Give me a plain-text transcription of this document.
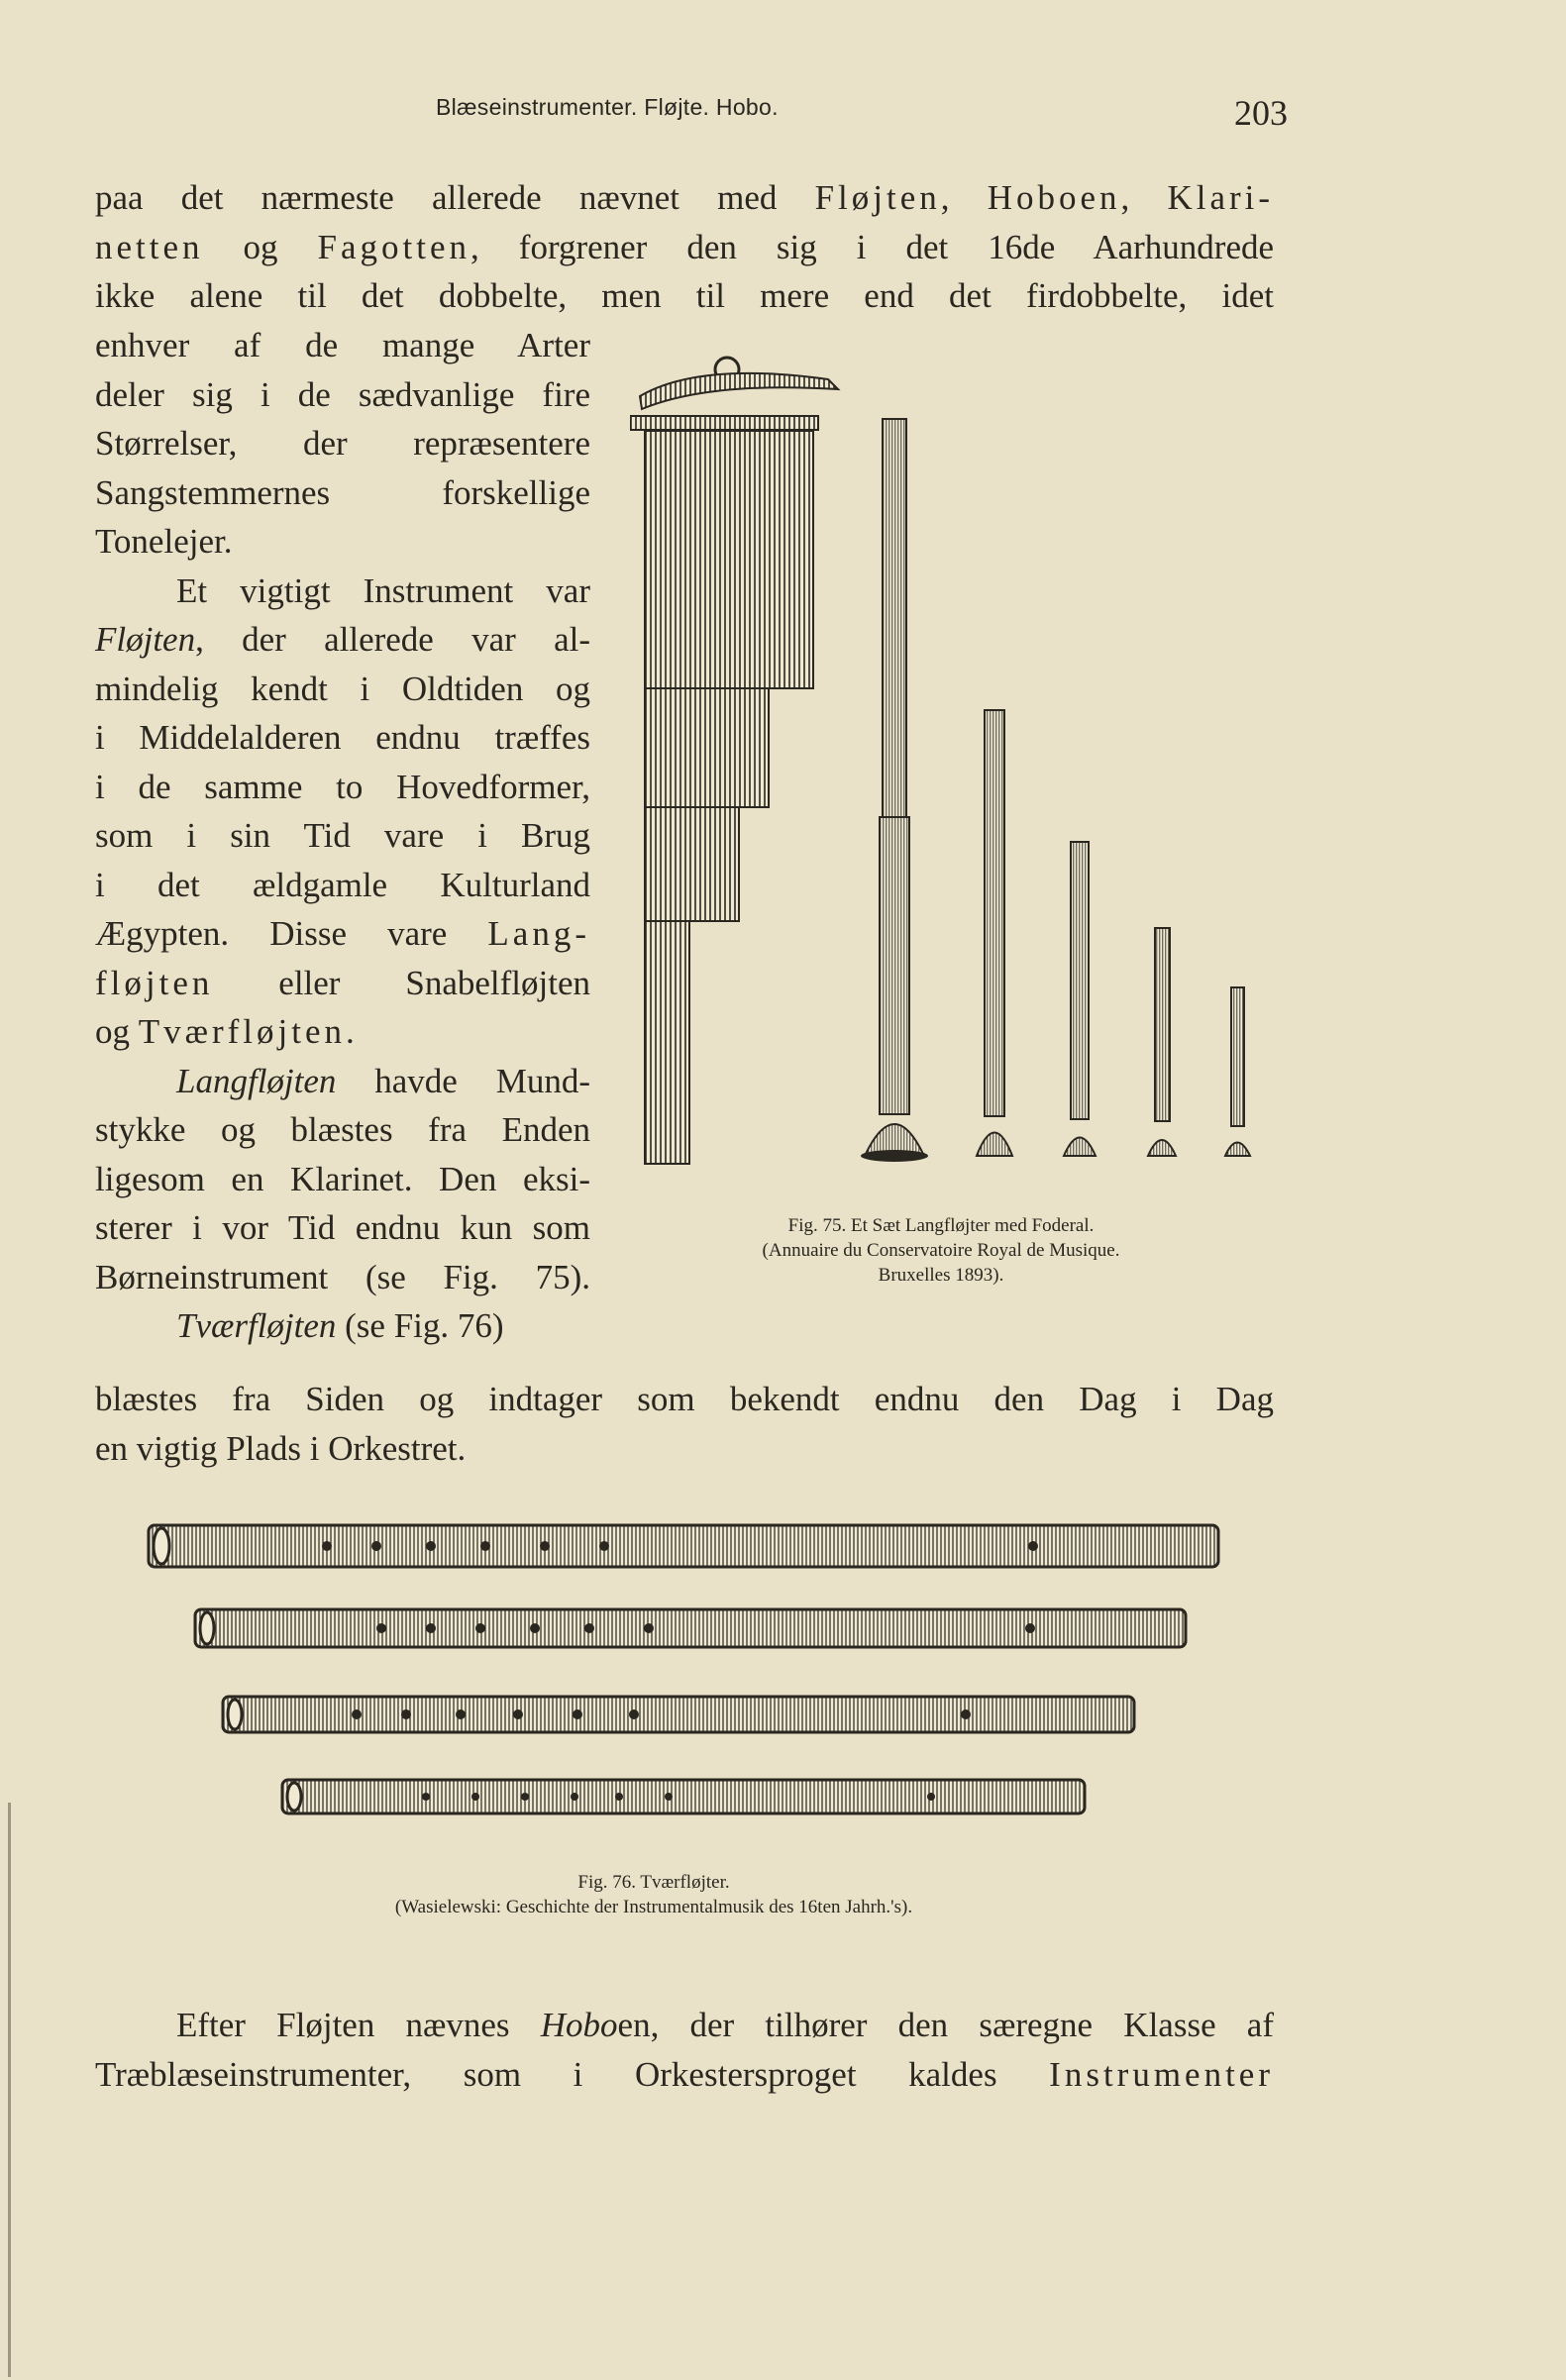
Blæseinstrumenter. Fløjte. Hobo.	203
paa det nærmeste allerede nævnet med Fløjten, Hoboen, Klari-
netten og Fagotten, forgrener den sig i det 16de Aarhundrede
ikke alene til det dobbelte, men til mere end det firdobbelte, idet
enhver af de mange Arter
deler sig i de sædvanlige fire
Størrelser, der repræsentere
Sangstemmernes forskellige
Tonelejer.
Et vigtigt Instrument var
Fløjten, der allerede var al-
mindelig kendt i Oldtiden og
i Middelalderen endnu træffes
i de samme to Hovedformer,
som i sin Tid vare i Brug
i det ældgamle Kulturland
Ægypten. Disse vare Lang-
fløjten eller Snabelfløjten
og Tværfløjten.
Langfløjten havde Mund-
stykke og blæstes fra Enden
ligesom en Klarinet. Den eksi-
sterer i vor Tid endnu kun som
Børneinstrument (se Fig. 75).
Tværfløjten (se Fig. 76)
blæstes fra Siden og indtager som bekendt endnu den Dag i Dag
en vigtig Plads i Orkestret.
Fig. 75. Et Sæt Langfløjter med Foderal.
(Annuaire du Conservatoire Royal de Musique.
Bruxelles 1893).
Fig. 76. Tværfløjter.
(Wasielewski: Geschichte der Instrumentalmusik des 16ten Jahrh.'s).
Efter Fløjten nævnes Hoboen, der tilhører den særegne Klasse af
Træblæseinstrumenter, som i Orkestersproget kaldes Instrumenter
